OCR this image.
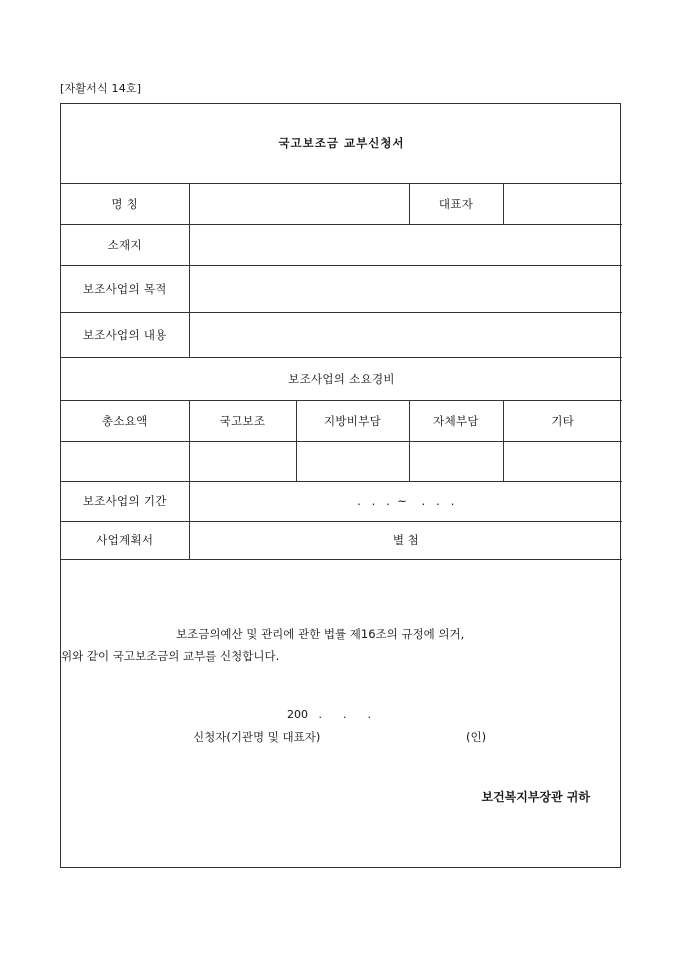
[자활서식 14호]
국고보조금 교부신청서				
명 칭			대표자	
소재지				
보조사업의 목적				
보조사업의 내용				
보조사업의 소요경비				
총소요액	국고보조	지방비부담	자체부담	기타

보조사업의 기간	.   .   .  ~    .   .   .			
사업계획서	별 첨			
보조금의예산 및 관리에 관한 법률 제16조의 규정에 의거,
위와 같이 국고보조금의 교부를 신청합니다.
200   .      .      .
신청자(기관명 및 대표자)	(인)
보건복지부장관 귀하
